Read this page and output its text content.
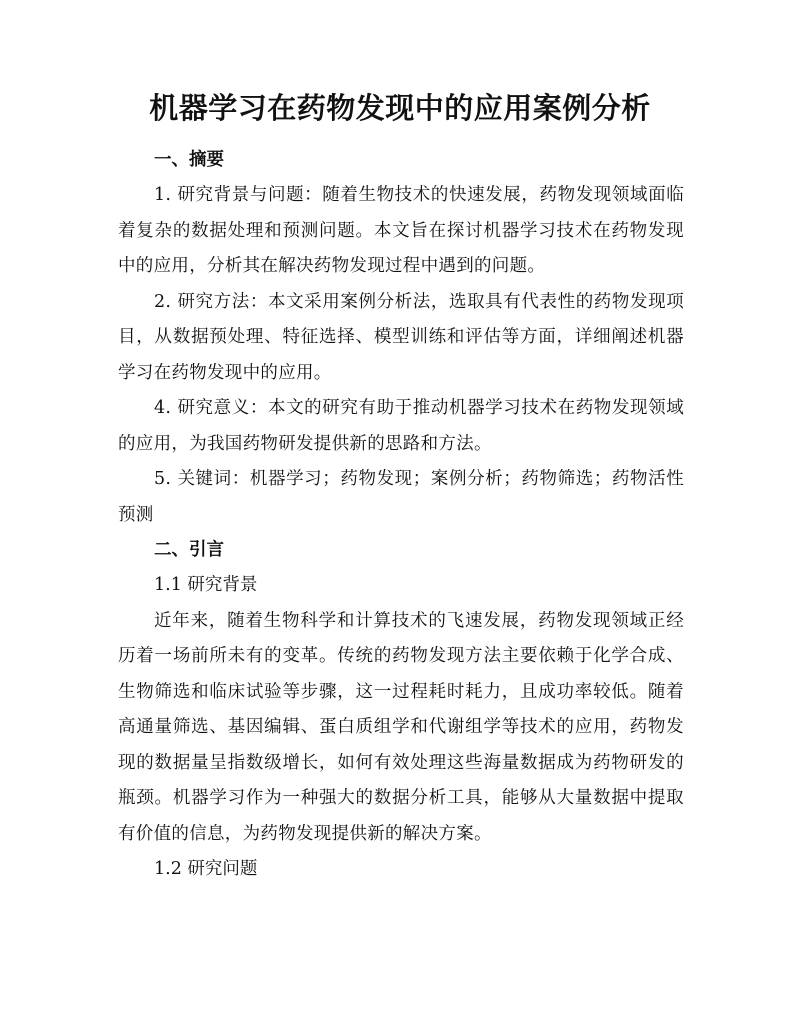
机器学习在药物发现中的应用案例分析

一、摘要

1. 研究背景与问题：随着生物技术的快速发展，药物发现领域面临着复杂的数据处理和预测问题。本文旨在探讨机器学习技术在药物发现中的应用，分析其在解决药物发现过程中遇到的问题。

2. 研究方法：本文采用案例分析法，选取具有代表性的药物发现项目，从数据预处理、特征选择、模型训练和评估等方面，详细阐述机器学习在药物发现中的应用。

4. 研究意义：本文的研究有助于推动机器学习技术在药物发现领域的应用，为我国药物研发提供新的思路和方法。

5. 关键词：机器学习；药物发现；案例分析；药物筛选；药物活性预测

二、引言

1.1 研究背景

近年来，随着生物科学和计算技术的飞速发展，药物发现领域正经历着一场前所未有的变革。传统的药物发现方法主要依赖于化学合成、生物筛选和临床试验等步骤，这一过程耗时耗力，且成功率较低。随着高通量筛选、基因编辑、蛋白质组学和代谢组学等技术的应用，药物发现的数据量呈指数级增长，如何有效处理这些海量数据成为药物研发的瓶颈。机器学习作为一种强大的数据分析工具，能够从大量数据中提取有价值的信息，为药物发现提供新的解决方案。

1.2 研究问题
